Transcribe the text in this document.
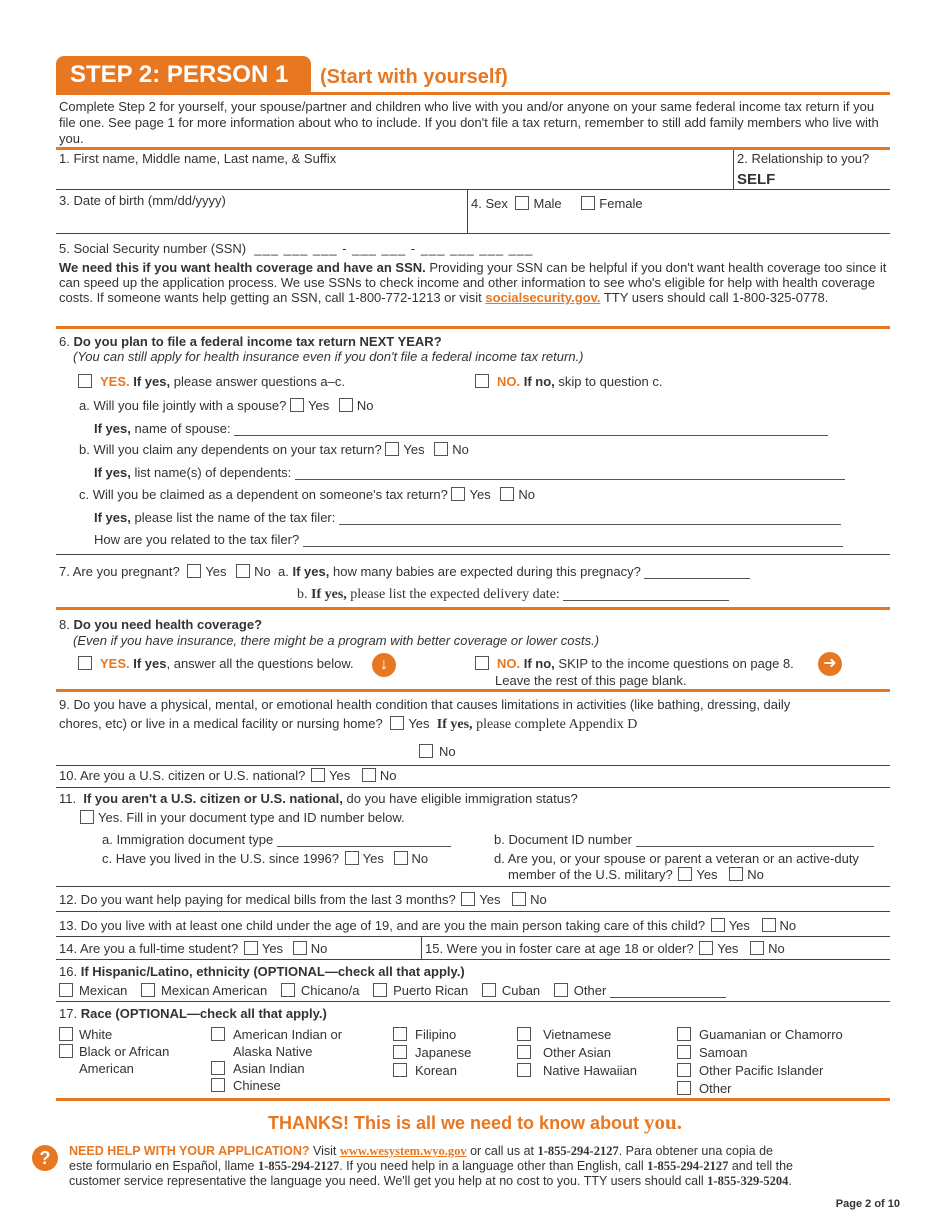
STEP 2: PERSON 1 (Start with yourself)
Complete Step 2 for yourself, your spouse/partner and children who live with you and/or anyone on your same federal income tax return if you file one. See page 1 for more information about who to include. If you don't file a tax return, remember to still add family members who live with you.
1. First name, Middle name, Last name, & Suffix	2. Relationship to you?
SELF
3. Date of birth (mm/dd/yyyy)	4. Sex Male	Female
5. Social Security number (SSN)  ___ ___ ___ - ___ ___ - ___ ___ ___ ___
We need this if you want health coverage and have an SSN. Providing your SSN can be helpful if you don't want health coverage too since it can speed up the application process. We use SSNs to check income and other information to see who's eligible for help with health coverage costs. If someone wants help getting an SSN, call 1-800-772-1213 or visit socialsecurity.gov. TTY users should call 1-800-325-0778.
6. Do you plan to file a federal income tax return NEXT YEAR?
(You can still apply for health insurance even if you don't file a federal income tax return.)
YES. If yes, please answer questions a–c.	NO. If no, skip to question c.
a. Will you file jointly with a spouse? Yes No
If yes, name of spouse:
b. Will you claim any dependents on your tax return? Yes No
If yes, list name(s) of dependents:
c. Will you be claimed as a dependent on someone's tax return? Yes No
If yes, please list the name of the tax filer:
How are you related to the tax filer?
7. Are you pregnant? Yes No a. If yes, how many babies are expected during this pregnacy?
b. If yes, please list the expected delivery date:
8. Do you need health coverage?
(Even if you have insurance, there might be a program with better coverage or lower costs.)
YES. If yes, answer all the questions below.	↓	NO. If no, SKIP to the income questions on page 8.
Leave the rest of this page blank.
➜
9. Do you have a physical, mental, or emotional health condition that causes limitations in activities (like bathing, dressing, daily
chores, etc) or live in a medical facility or nursing home? Yes If yes, please complete Appendix D
No
10. Are you a U.S. citizen or U.S. national? Yes No
11. If you aren't a U.S. citizen or U.S. national, do you have eligible immigration status?
Yes. Fill in your document type and ID number below.
a. Immigration document type	b. Document ID number
c. Have you lived in the U.S. since 1996? Yes No	d. Are you, or your spouse or parent a veteran or an active-duty
member of the U.S. military? Yes No
12. Do you want help paying for medical bills from the last 3 months? Yes No
13. Do you live with at least one child under the age of 19, and are you the main person taking care of this child? Yes No
14. Are you a full-time student? Yes No	15. Were you in foster care at age 18 or older? Yes No
16. If Hispanic/Latino, ethnicity (OPTIONAL—check all that apply.)
Mexican	Mexican American	Chicano/a	Puerto Rican	Cuban	Other
17. Race (OPTIONAL—check all that apply.)
White
Black or African
American
American Indian or
Alaska Native
Asian Indian
Chinese
Filipino
Japanese
Korean
Vietnamese
Other Asian
Native Hawaiian
Guamanian or Chamorro
Samoan
Other Pacific Islander
Other
THANKS! This is all we need to know about you.
?	NEED HELP WITH YOUR APPLICATION? Visit www.wesystem.wyo.gov or call us at 1-855-294-2127. Para obtener una copia de
este formulario en Español, llame 1-855-294-2127. If you need help in a language other than English, call 1-855-294-2127 and tell the
customer service representative the language you need. We'll get you help at no cost to you. TTY users should call 1-855-329-5204.
Page 2 of 10
